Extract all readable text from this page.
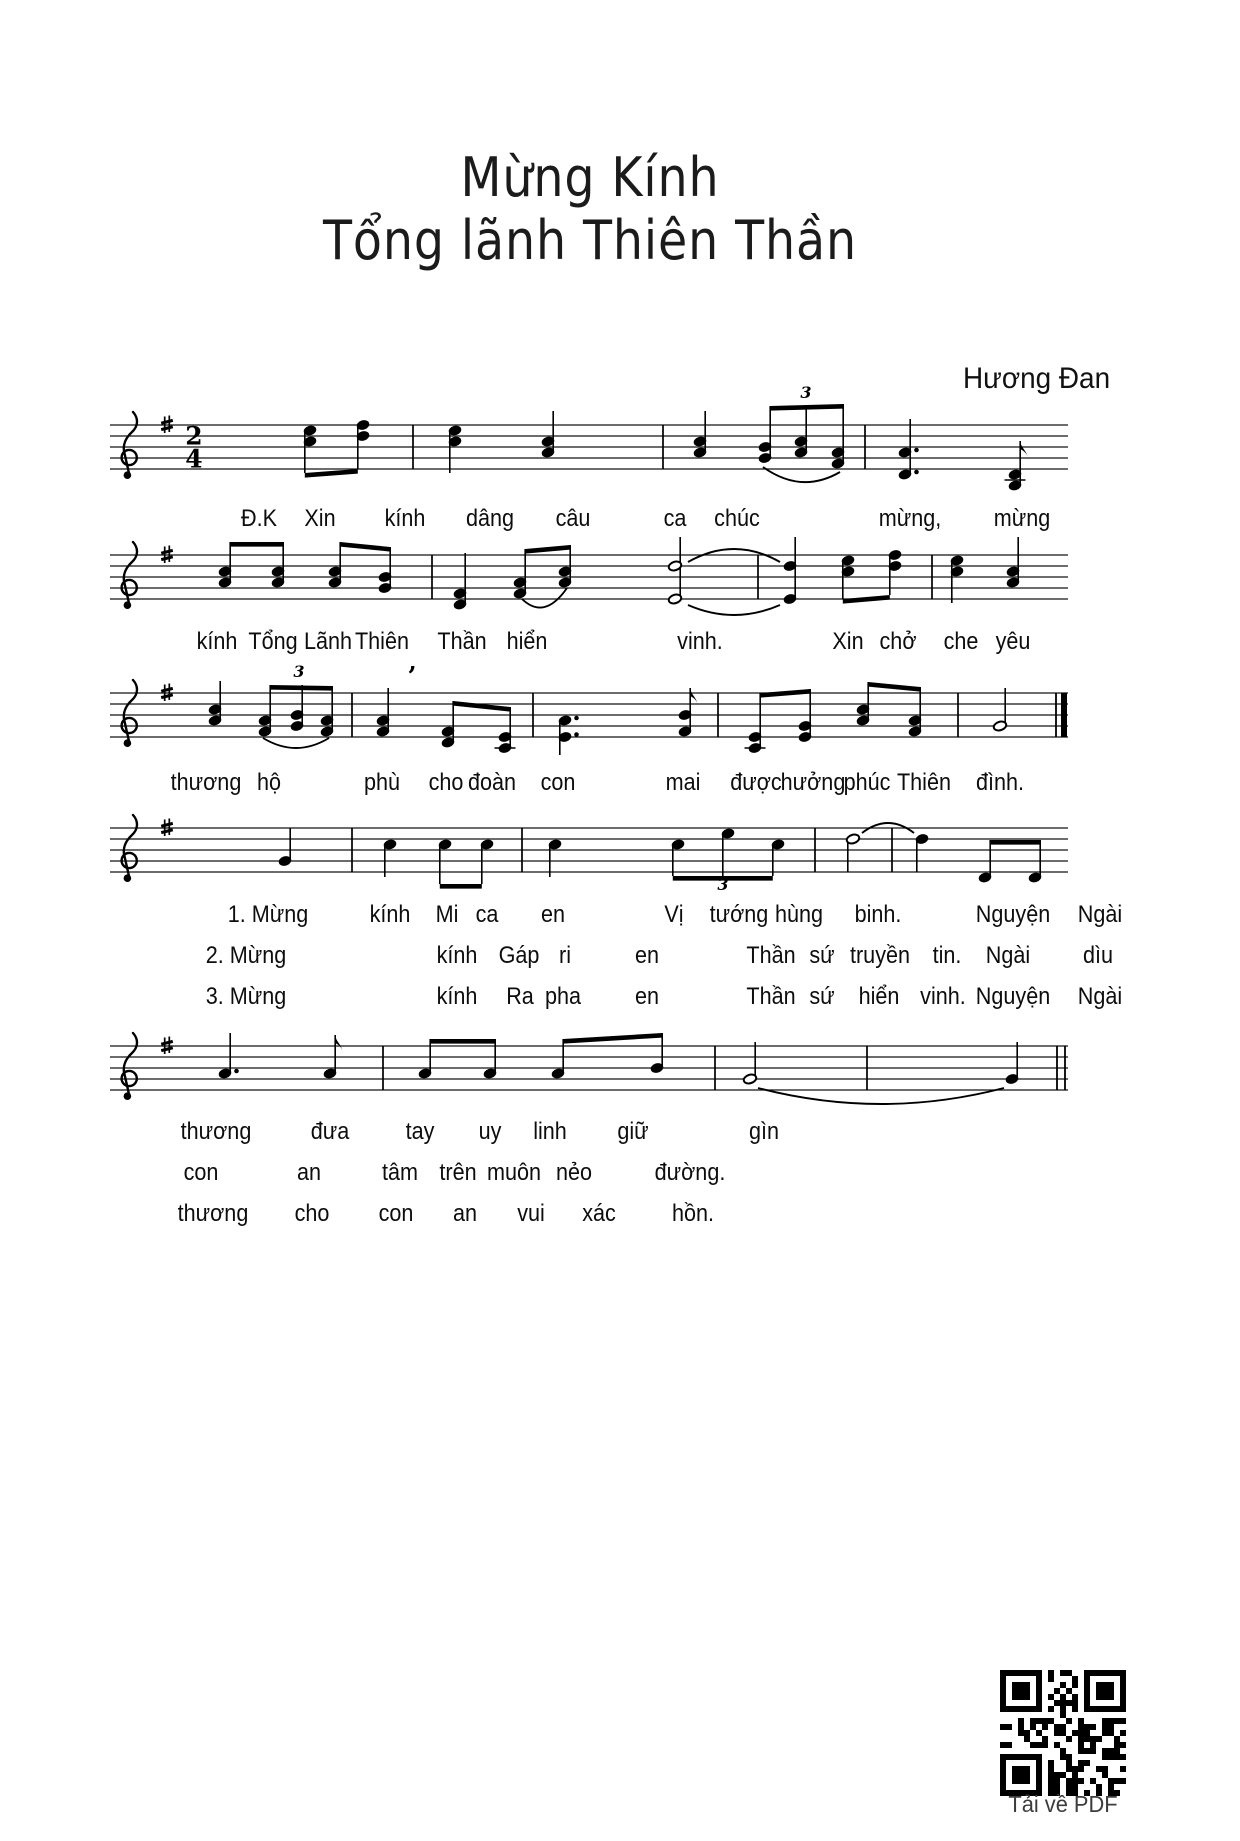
Mừng Kính
Tổng lãnh Thiên Thần
Hương Đan
2
4
3
3	’
3
Đ.K Xin kính dâng câu	ca chúc	mừng, mừng
kính Tổng Lãnh Thiên Thần hiển	vinh.	Xin chở che yêu
thương hộ	phù cho đoàn con	mai được
hưởng
phúc Thiên đình.
1. Mừng	kính Mi ca en	Vị tướng hùng binh.	Nguyện Ngài
2. Mừng	kính Gáp ri	en	Thần sứ truyền tin. Ngài dìu
3. Mừng	kính Ra pha en	Thần sứ hiển vinh. Nguyện Ngài
thương đưa tay uy linh giữ	gìn
con	an	tâm trên muôn nẻo	đường.
thương cho con an vui xác hồn.
Tải về PDF
